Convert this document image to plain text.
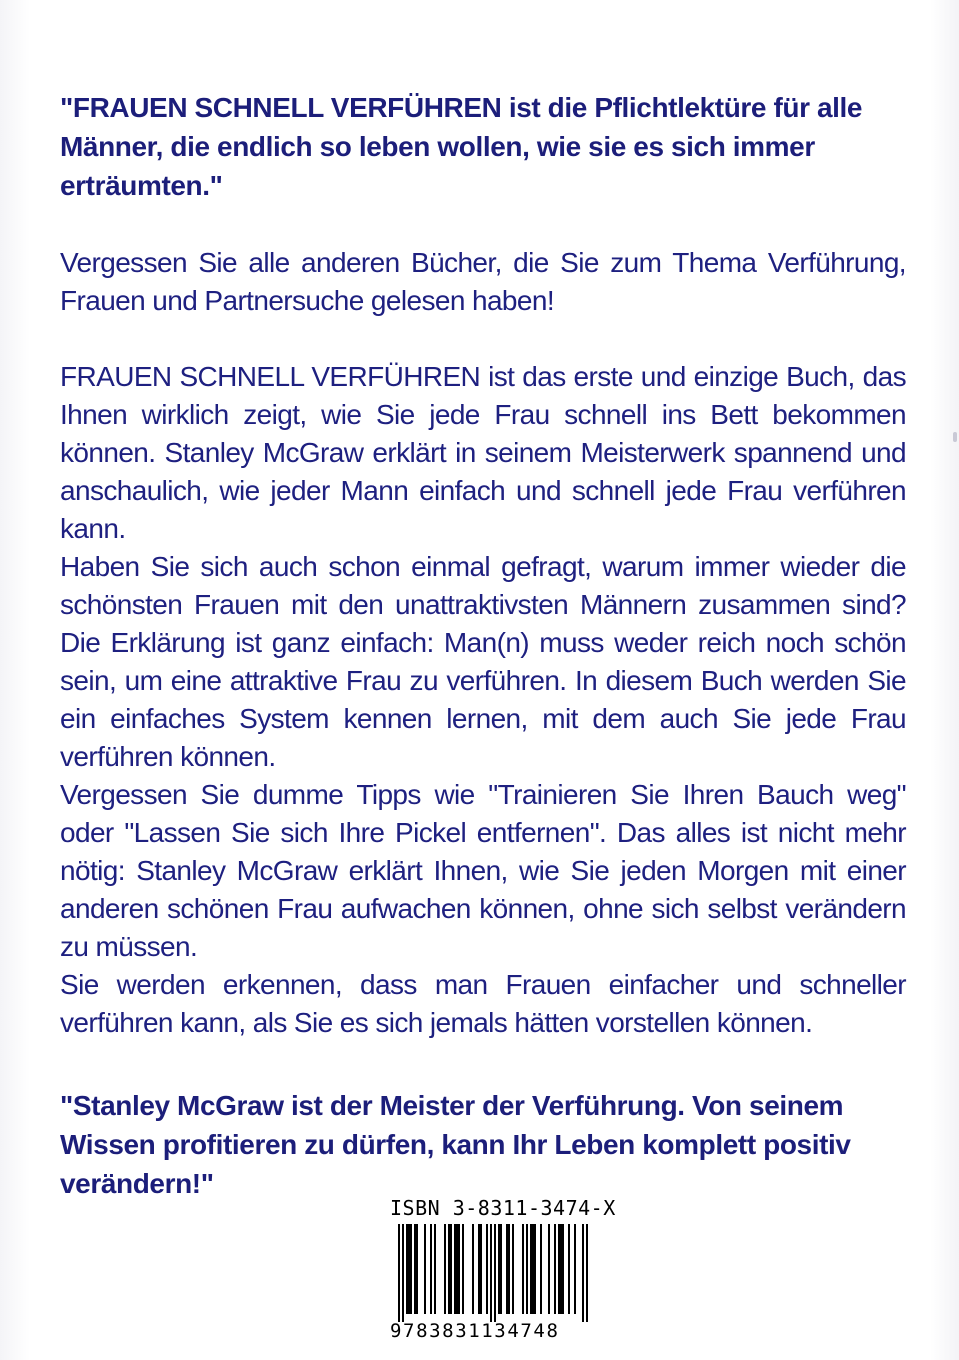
"FRAUEN SCHNELL VERFÜHREN ist die Pflichtlektüre für alle Männer, die endlich so leben wollen, wie sie es sich immer erträumten."

Vergessen Sie alle anderen Bücher, die Sie zum Thema Verführung, Frauen und Partnersuche gelesen haben!

FRAUEN SCHNELL VERFÜHREN ist das erste und einzige Buch, das Ihnen wirklich zeigt, wie Sie jede Frau schnell ins Bett bekommen können. Stanley McGraw erklärt in seinem Meisterwerk spannend und anschaulich, wie jeder Mann einfach und schnell jede Frau verführen kann.

Haben Sie sich auch schon einmal gefragt, warum immer wieder die schönsten Frauen mit den unattraktivsten Männern zusammen sind? Die Erklärung ist ganz einfach: Man(n) muss weder reich noch schön sein, um eine attraktive Frau zu verführen. In diesem Buch werden Sie ein einfaches System kennen lernen, mit dem auch Sie jede Frau verführen können.

Vergessen Sie dumme Tipps wie "Trainieren Sie Ihren Bauch weg" oder "Lassen Sie sich Ihre Pickel entfernen". Das alles ist nicht mehr nötig: Stanley McGraw erklärt Ihnen, wie Sie jeden Morgen mit einer anderen schönen Frau aufwachen können, ohne sich selbst verändern zu müssen.

Sie werden erkennen, dass man Frauen einfacher und schneller verführen kann, als Sie es sich jemals hätten vorstellen können.

"Stanley McGraw ist der Meister der Verführung. Von seinem Wissen profitieren zu dürfen, kann Ihr Leben komplett positiv verändern!"

ISBN 3-8311-3474-X
9783831134748
